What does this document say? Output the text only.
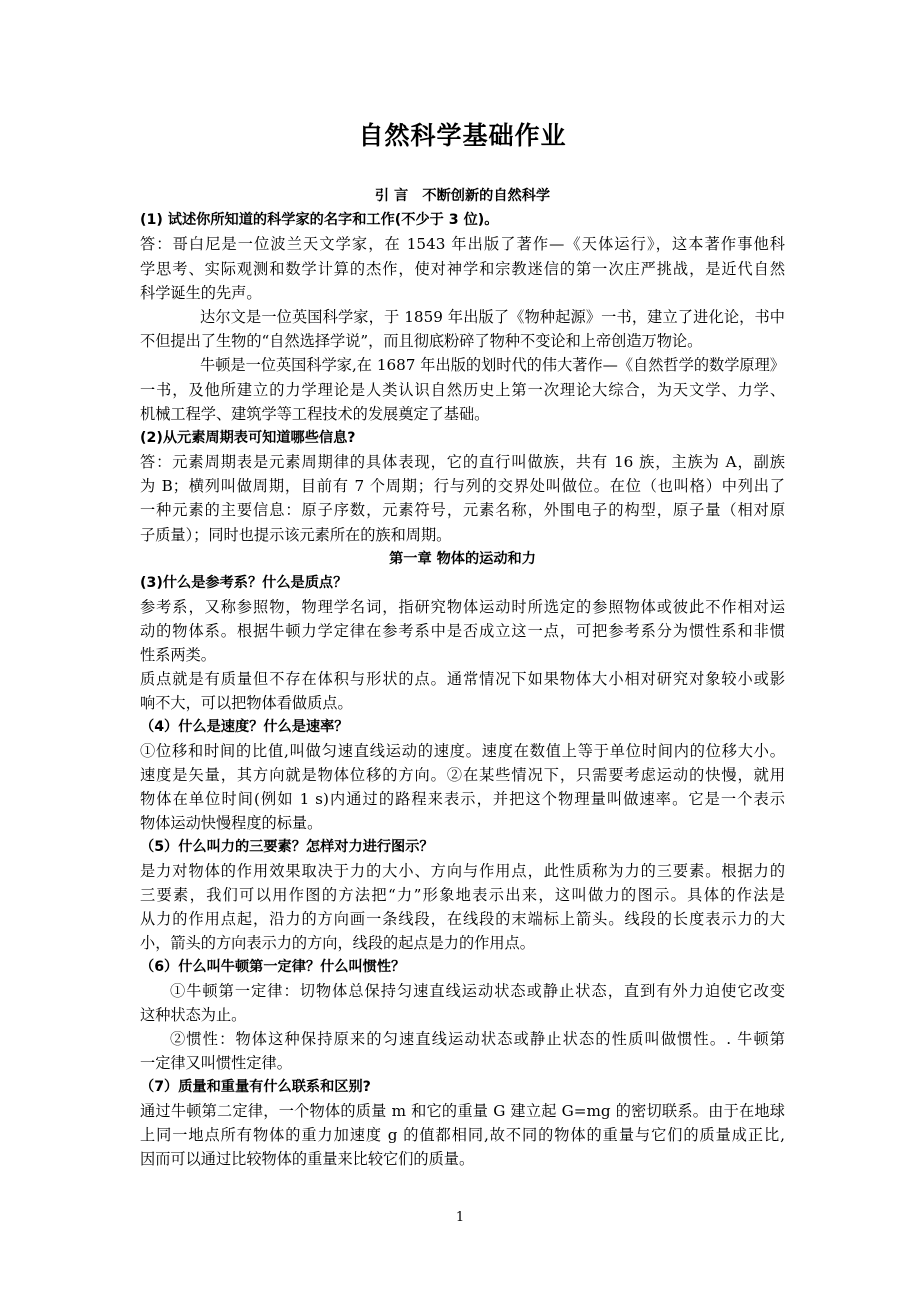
自然科学基础作业
引 言　不断创新的自然科学
(1) 试述你所知道的科学家的名字和工作(不少于 3 位)。
答：哥白尼是一位波兰天文学家，在 1543 年出版了著作—《天体运行》，这本著作事他科
学思考、实际观测和数学计算的杰作，使对神学和宗教迷信的第一次庄严挑战，是近代自然
科学诞生的先声。
达尔文是一位英国科学家，于 1859 年出版了《物种起源》一书，建立了进化论，书中
不但提出了生物的“自然选择学说”，而且彻底粉碎了物种不变论和上帝创造万物论。
牛顿是一位英国科学家,在 1687 年出版的划时代的伟大著作—《自然哲学的数学原理》
一书，及他所建立的力学理论是人类认识自然历史上第一次理论大综合，为天文学、力学、
机械工程学、建筑学等工程技术的发展奠定了基础。
(2)从元素周期表可知道哪些信息?
答：元素周期表是元素周期律的具体表现，它的直行叫做族，共有 16 族，主族为 A，副族
为 B；横列叫做周期，目前有 7 个周期；行与列的交界处叫做位。在位（也叫格）中列出了
一种元素的主要信息：原子序数，元素符号，元素名称，外围电子的构型，原子量（相对原
子质量）；同时也提示该元素所在的族和周期。
第一章 物体的运动和力
(3)什么是参考系？什么是质点？
参考系，又称参照物，物理学名词，指研究物体运动时所选定的参照物体或彼此不作相对运
动的物体系。根据牛顿力学定律在参考系中是否成立这一点，可把参考系分为惯性系和非惯
性系两类。
质点就是有质量但不存在体积与形状的点。通常情况下如果物体大小相对研究对象较小或影
响不大，可以把物体看做质点。
（4）什么是速度？什么是速率？
①位移和时间的比值,叫做匀速直线运动的速度。速度在数值上等于单位时间内的位移大小。
速度是矢量，其方向就是物体位移的方向。②在某些情况下，只需要考虑运动的快慢，就用
物体在单位时间(例如 1 s)内通过的路程来表示，并把这个物理量叫做速率。它是一个表示
物体运动快慢程度的标量。
（5）什么叫力的三要素？怎样对力进行图示？
是力对物体的作用效果取决于力的大小、方向与作用点，此性质称为力的三要素。根据力的
三要素，我们可以用作图的方法把“力”形象地表示出来，这叫做力的图示。具体的作法是
从力的作用点起，沿力的方向画一条线段，在线段的末端标上箭头。线段的长度表示力的大
小，箭头的方向表示力的方向，线段的起点是力的作用点。
（6）什么叫牛顿第一定律？什么叫惯性？
①牛顿第一定律：切物体总保持匀速直线运动状态或静止状态，直到有外力迫使它改变
这种状态为止。
②惯性：物体这种保持原来的匀速直线运动状态或静止状态的性质叫做惯性。. 牛顿第
一定律又叫惯性定律。
（7）质量和重量有什么联系和区别?
通过牛顿第二定律，一个物体的质量 m 和它的重量 G 建立起 G=mg 的密切联系。由于在地球
上同一地点所有物体的重力加速度 g 的值都相同,故不同的物体的重量与它们的质量成正比,
因而可以通过比较物体的重量来比较它们的质量。
1
